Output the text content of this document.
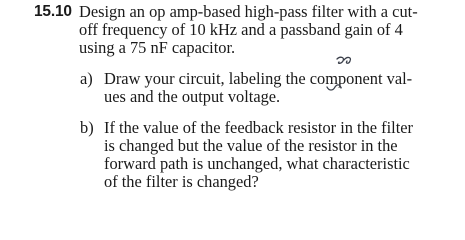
15.10 Design an op amp-based high-pass filter with a cut-
off frequency of 10 kHz and a passband gain of 4
using a 75 nF capacitor.
a) Draw your circuit, labeling the component val-
ues and the output voltage.
b) If the value of the feedback resistor in the filter
is changed but the value of the resistor in the
forward path is unchanged, what characteristic
of the filter is changed?
